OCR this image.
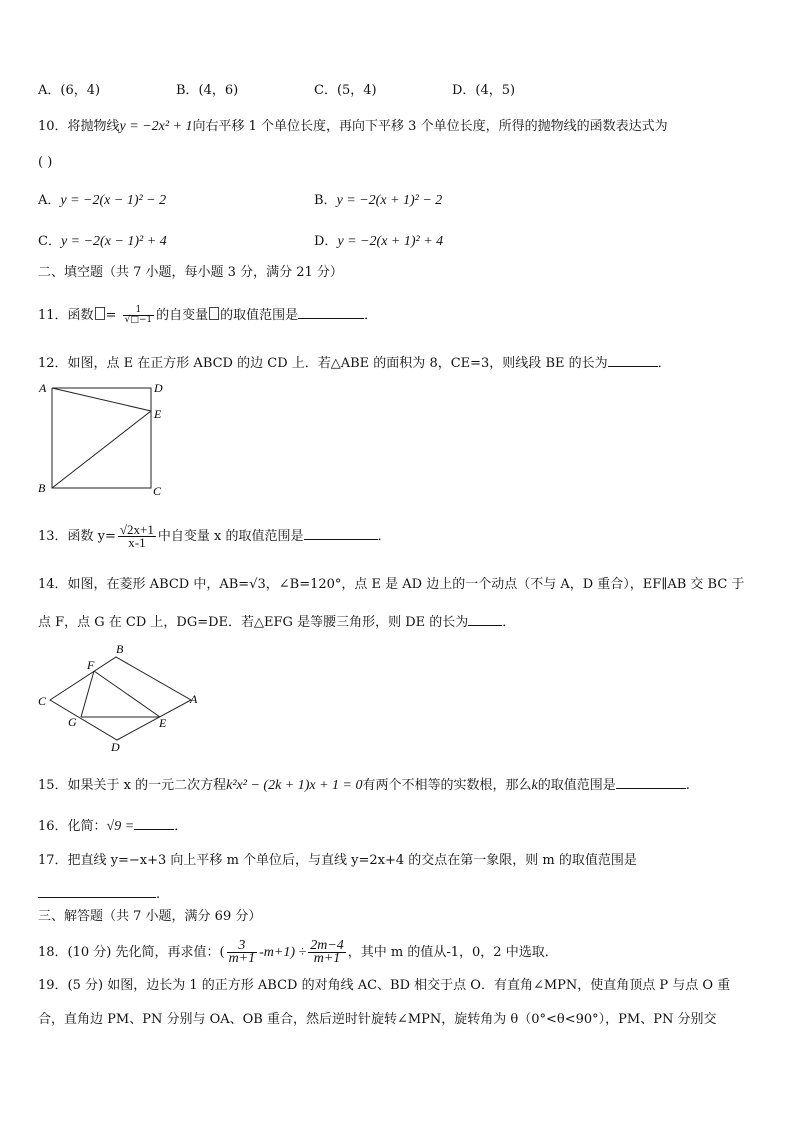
A．(6，4)	B．(4，6)	C．(5，4)	D．(4，5)
10．将抛物线y = −2x² + 1向右平移 1 个单位长度，再向下平移 3 个单位长度，所得的抛物线的函数表达式为
( )
A．y = −2(x − 1)² − 2	B．y = −2(x + 1)² − 2
C．y = −2(x − 1)² + 4	D．y = −2(x + 1)² + 4
二、填空题（共 7 小题，每小题 3 分，满分 21 分）
11．函数 = $\frac{1}{√□-1}$ 的自变量 的取值范围是	．
12．如图，点 E 在正方形 ABCD 的边 CD 上．若△ABE 的面积为 8，CE=3，则线段 BE 的长为	．
A	D
E
B	C
13．函数 $y= \frac{√2x+1}{x-1}$ 中自变量 x 的取值范围是	．
14．如图，在菱形 ABCD 中，AB=√3，∠B=120°，点 E 是 AD 边上的一个动点（不与 A，D 重合），EF∥AB 交 BC 于
点 F，点 G 在 CD 上，DG=DE．若△EFG 是等腰三角形，则 DE 的长为	．
B
F
C	A
G	E
D
15．如果关于 x 的一元二次方程k²x² − (2k + 1)x + 1 = 0有两个不相等的实数根，那么k的取值范围是	.
16．化简：√9 =	．
17．把直线 y=−x+3 向上平移 m 个单位后，与直线 y=2x+4 的交点在第一象限，则 m 的取值范围是
.
三、解答题（共 7 小题，满分 69 分）
18．(10 分) 先化简，再求值：( $\frac{3}{m+1} -m+1) \div \frac{2m-4}{m+1}$ ，其中 m 的值从-1，0，2 中选取．
19．(5 分) 如图，边长为 1 的正方形 ABCD 的对角线 AC、BD 相交于点 O．有直角∠MPN，使直角顶点 P 与点 O 重
合，直角边 PM、PN 分别与 OA、OB 重合，然后逆时针旋转∠MPN，旋转角为 θ（0°<θ<90°），PM、PN 分别交
